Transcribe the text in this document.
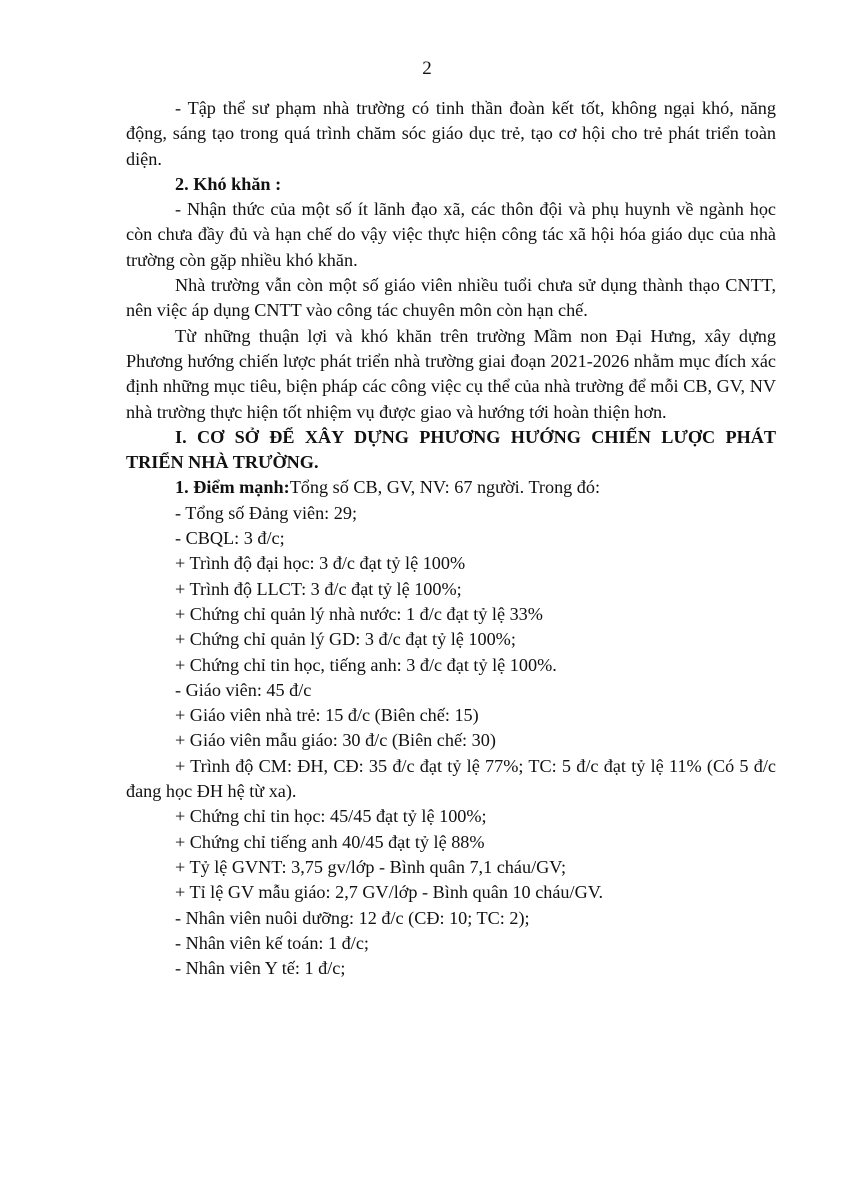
2

- Tập thể sư phạm nhà trường có tinh thần đoàn kết tốt, không ngại khó, năng động, sáng tạo trong quá trình chăm sóc giáo dục trẻ, tạo cơ hội cho trẻ phát triển toàn diện.

2. Khó khăn :

- Nhận thức của một số ít lãnh đạo xã, các thôn đội và phụ huynh về ngành học còn chưa đầy đủ và hạn chế do vậy việc thực hiện công tác xã hội hóa giáo dục của nhà trường còn gặp nhiều khó khăn.

Nhà trường vẫn còn một số giáo viên nhiều tuổi chưa sử dụng thành thạo CNTT, nên việc áp dụng CNTT vào công tác chuyên môn còn hạn chế.

Từ những thuận lợi và khó khăn trên trường Mầm non Đại Hưng, xây dựng Phương hướng chiến lược phát triển nhà trường giai đoạn 2021-2026 nhằm mục đích xác định những mục tiêu, biện pháp các công việc cụ thể của nhà trường để mỗi CB, GV, NV nhà trường thực hiện tốt nhiệm vụ được giao và hướng tới hoàn thiện hơn.

I. CƠ SỞ ĐỂ XÂY DỰNG PHƯƠNG HƯỚNG CHIẾN LƯỢC PHÁT TRIỂN NHÀ TRƯỜNG.

1. Điểm mạnh:Tổng số CB, GV, NV: 67 người. Trong đó:

- Tổng số Đảng viên: 29;

- CBQL: 3 đ/c;

+ Trình độ đại học: 3 đ/c đạt tỷ lệ 100%

+ Trình độ LLCT: 3 đ/c đạt tỷ lệ 100%;

+ Chứng chỉ quản lý nhà nước: 1 đ/c đạt tỷ lệ 33%

+ Chứng chỉ quản lý GD: 3 đ/c đạt tỷ lệ 100%;

+ Chứng chỉ tin học, tiếng anh: 3 đ/c đạt tỷ lệ 100%.

- Giáo viên: 45 đ/c

+ Giáo viên nhà trẻ: 15 đ/c (Biên chế: 15)

+ Giáo viên mẫu giáo: 30 đ/c (Biên chế: 30)

+ Trình độ CM: ĐH, CĐ: 35 đ/c đạt tỷ lệ 77%; TC: 5 đ/c đạt tỷ lệ 11% (Có 5 đ/c đang học ĐH hệ từ xa).

+ Chứng chỉ tin học: 45/45 đạt tỷ lệ 100%;

+ Chứng chỉ tiếng anh 40/45 đạt tỷ lệ 88%

+ Tỷ lệ GVNT: 3,75 gv/lớp - Bình quân 7,1 cháu/GV;

+ Tỉ lệ GV mẫu giáo: 2,7 GV/lớp - Bình quân 10 cháu/GV.

- Nhân viên nuôi dưỡng: 12 đ/c (CĐ: 10; TC: 2);

- Nhân viên kế toán: 1 đ/c;

- Nhân viên Y tế: 1 đ/c;
